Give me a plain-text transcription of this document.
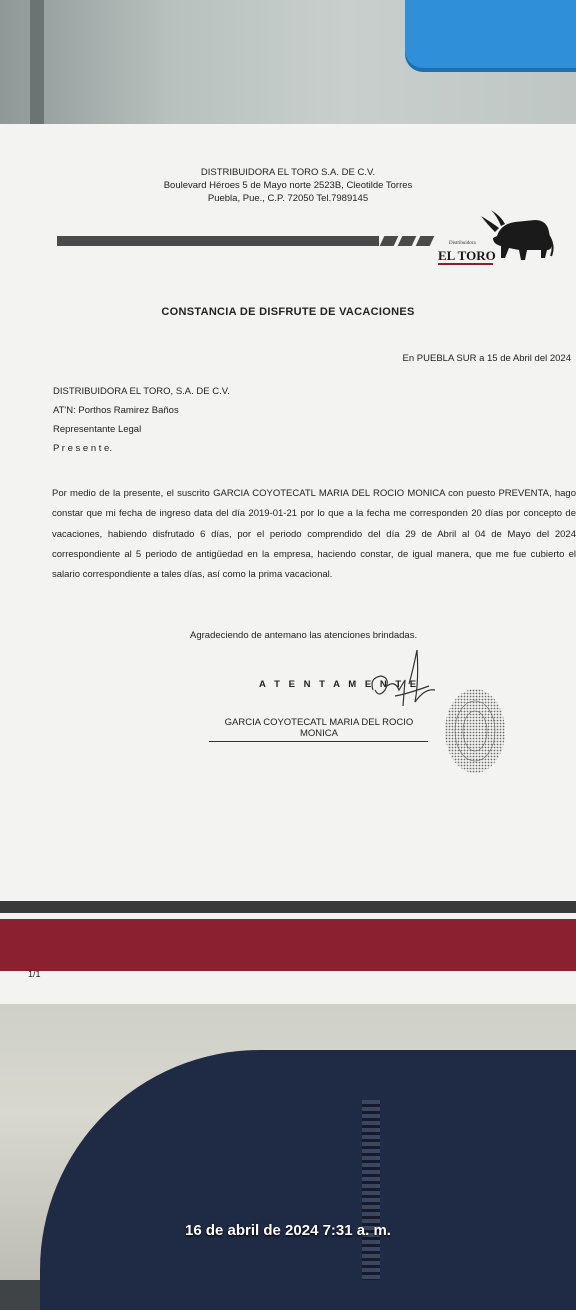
DISTRIBUIDORA EL TORO S.A. DE C.V.
Boulevard Héroes 5 de Mayo norte 2523B, Cleotilde Torres
Puebla, Pue., C.P. 72050 Tel.7989145
Distribuidora
EL TORO
CONSTANCIA DE DISFRUTE DE VACACIONES
En PUEBLA SUR a 15 de Abril del 2024
DISTRIBUIDORA EL TORO, S.A. DE C.V.
AT'N: Porthos Ramirez Baños
Representante Legal
P r e s e n t e.
Por medio de la presente, el suscrito GARCIA COYOTECATL MARIA DEL ROCIO MONICA con puesto PREVENTA, hago constar que mi fecha de ingreso data del día 2019-01-21 por lo que a la fecha me corresponden 20 días por concepto de vacaciones, habiendo disfrutado 6 días, por el periodo comprendido del día 29 de Abril al 04 de Mayo del 2024 correspondiente al 5 periodo de antigüedad en la empresa, haciendo constar, de igual manera, que me fue cubierto el salario correspondiente a tales días, así como la prima vacacional.
Agradeciendo de antemano las atenciones brindadas.
A T E N T A M E N T E
GARCIA COYOTECATL MARIA DEL ROCIO
MONICA
1/1
16 de abril de 2024 7:31 a. m.
